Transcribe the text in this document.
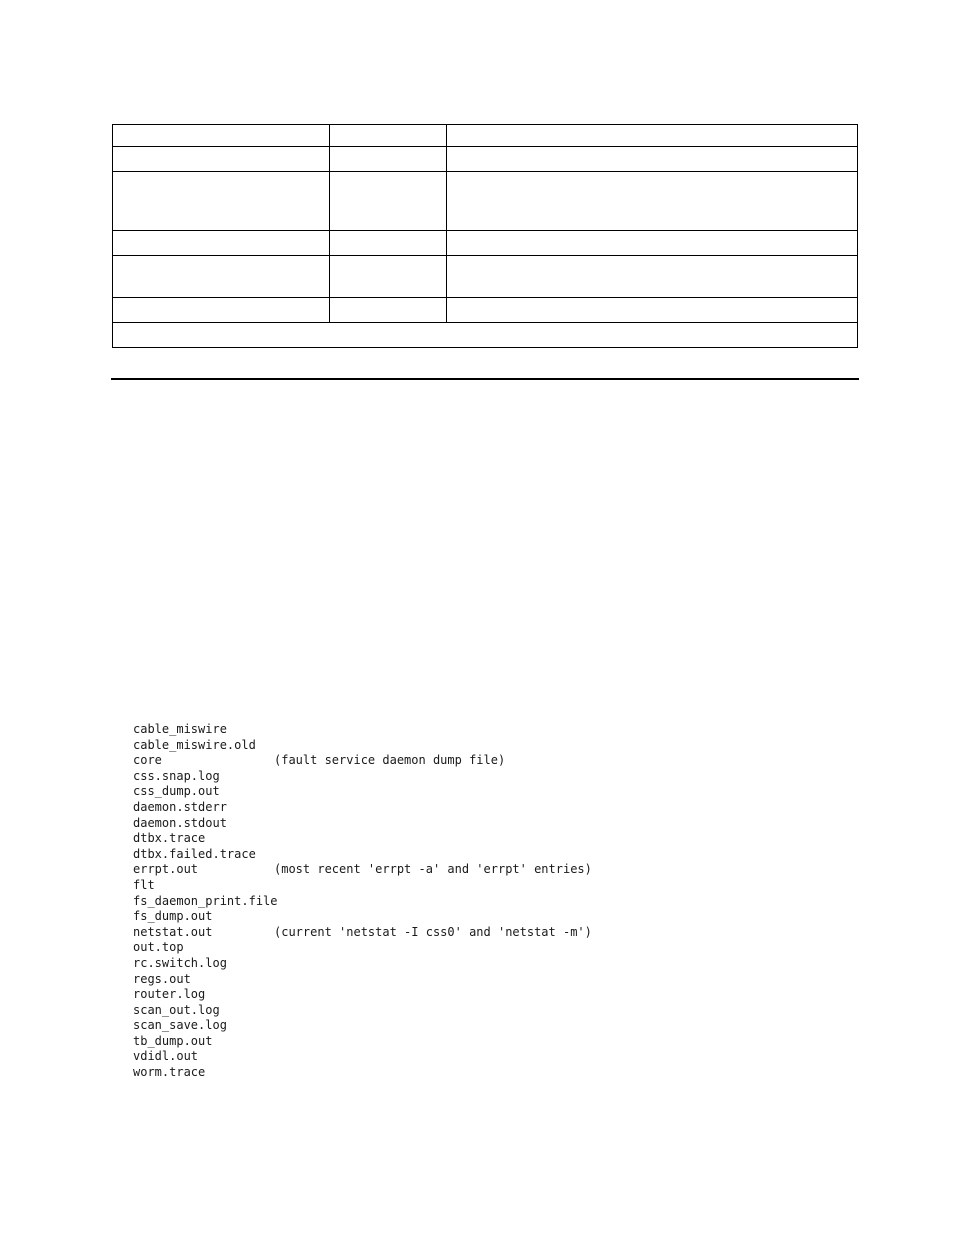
cable_miswire
cable_miswire.old
core	(fault service daemon dump file)
css.snap.log
css_dump.out
daemon.stderr
daemon.stdout
dtbx.trace
dtbx.failed.trace
errpt.out	(most recent 'errpt -a' and 'errpt' entries)
flt
fs_daemon_print.file
fs_dump.out
netstat.out	(current 'netstat -I css0' and 'netstat -m')
out.top
rc.switch.log
regs.out
router.log
scan_out.log
scan_save.log
tb_dump.out
vdidl.out
worm.trace
